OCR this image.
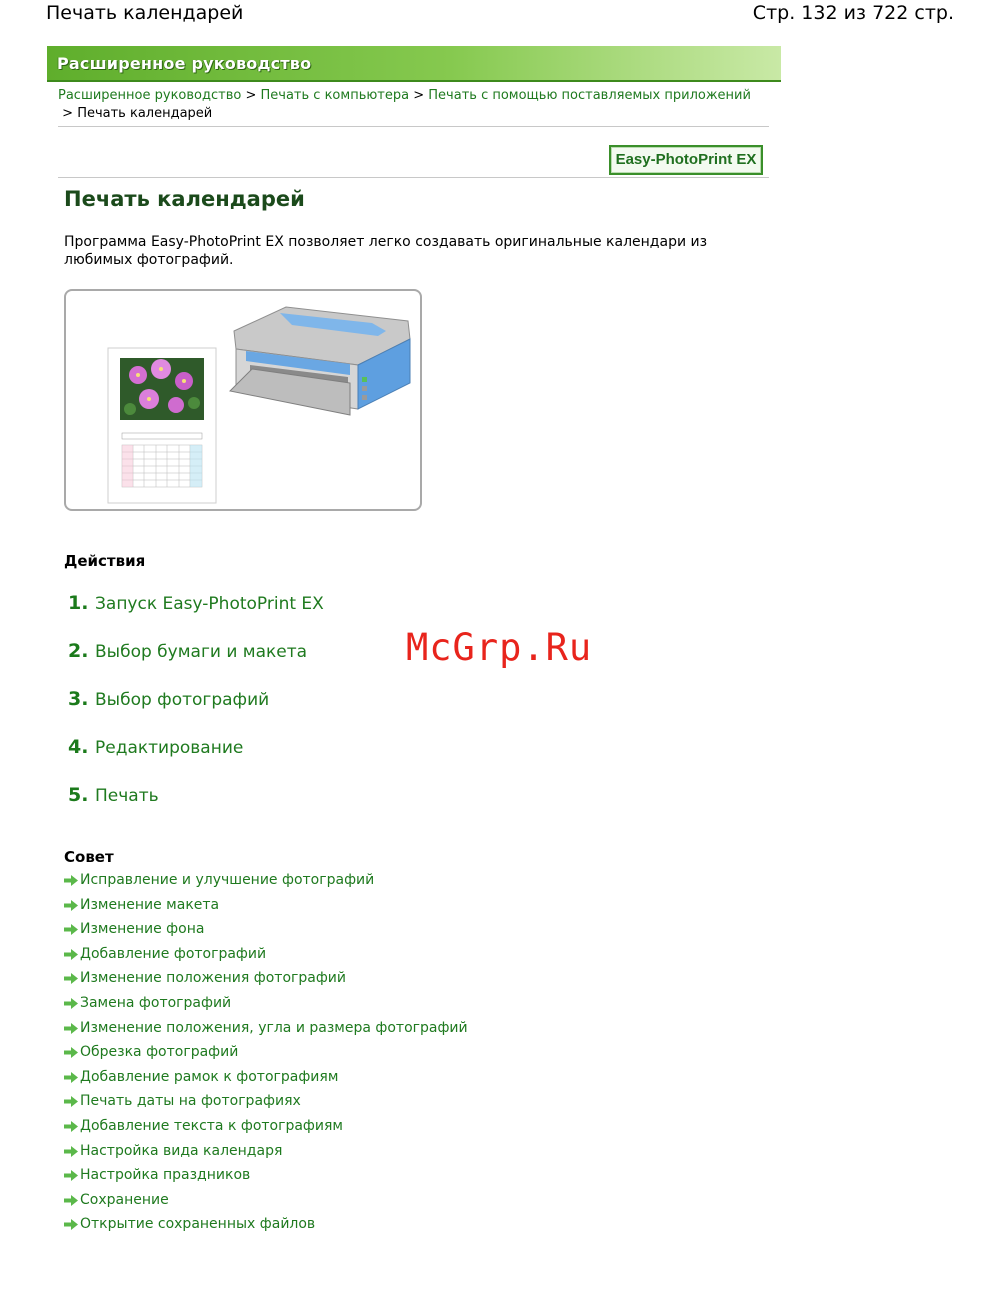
Печать календарей	Стр. 132 из 722 стр.
Расширенное руководство
Расширенное руководство > Печать с компьютера > Печать с помощью поставляемых приложений  > Печать календарей
Easy-PhotoPrint EX
Печать календарей
Программа Easy-PhotoPrint EX позволяет легко создавать оригинальные календари из любимых фотографий.
Действия
1. Запуск Easy-PhotoPrint EX
2. Выбор бумаги и макета
3. Выбор фотографий
4. Редактирование
5. Печать
McGrp.Ru
Совет
Исправление и улучшение фотографий
Изменение макета
Изменение фона
Добавление фотографий
Изменение положения фотографий
Замена фотографий
Изменение положения, угла и размера фотографий
Обрезка фотографий
Добавление рамок к фотографиям
Печать даты на фотографиях
Добавление текста к фотографиям
Настройка вида календаря
Настройка праздников
Сохранение
Открытие сохраненных файлов
